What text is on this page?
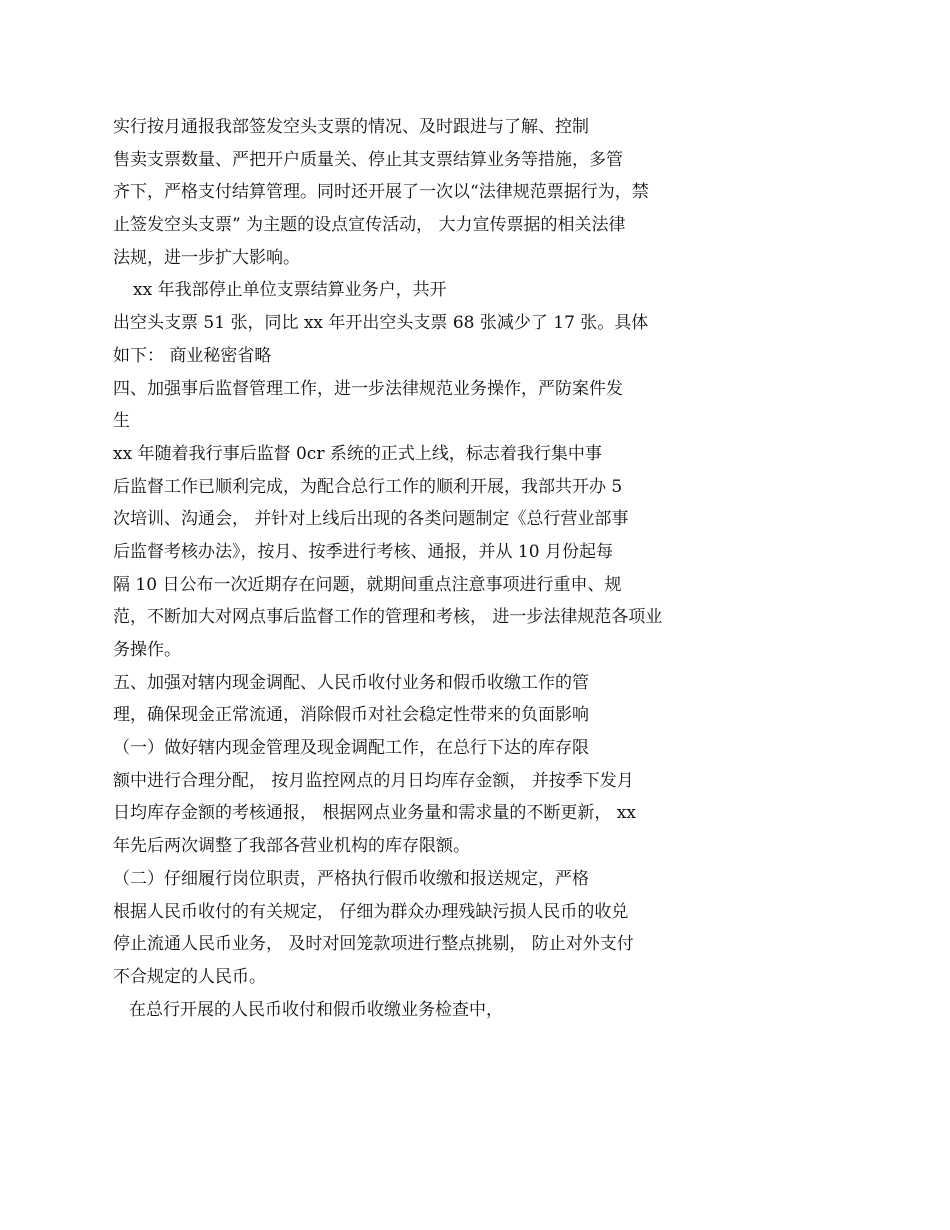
实行按月通报我部签发空头支票的情况、及时跟进与了解、控制
售卖支票数量、严把开户质量关、停止其支票结算业务等措施，多管
齐下，严格支付结算管理。同时还开展了一次以“法律规范票据行为，禁
止签发空头支票” 为主题的设点宣传活动， 大力宣传票据的相关法律
法规，进一步扩大影响。
xx 年我部停止单位支票结算业务户，共开
出空头支票 51 张，同比 xx 年开出空头支票 68 张减少了 17 张。具体
如下： 商业秘密省略
四、加强事后监督管理工作，进一步法律规范业务操作，严防案件发
生
xx 年随着我行事后监督 0cr 系统的正式上线，标志着我行集中事
后监督工作已顺利完成，为配合总行工作的顺利开展，我部共开办 5
次培训、沟通会， 并针对上线后出现的各类问题制定《总行营业部事
后监督考核办法》，按月、按季进行考核、通报，并从 10 月份起每
隔 10 日公布一次近期存在问题，就期间重点注意事项进行重申、规
范，不断加大对网点事后监督工作的管理和考核， 进一步法律规范各项业
务操作。
五、加强对辖内现金调配、人民币收付业务和假币收缴工作的管
理，确保现金正常流通，消除假币对社会稳定性带来的负面影响
（一）做好辖内现金管理及现金调配工作，在总行下达的库存限
额中进行合理分配， 按月监控网点的月日均库存金额， 并按季下发月
日均库存金额的考核通报， 根据网点业务量和需求量的不断更新， xx
年先后两次调整了我部各营业机构的库存限额。
（二）仔细履行岗位职责，严格执行假币收缴和报送规定，严格
根据人民币收付的有关规定， 仔细为群众办理残缺污损人民币的收兑
停止流通人民币业务， 及时对回笼款项进行整点挑剔， 防止对外支付
不合规定的人民币。
在总行开展的人民币收付和假币收缴业务检查中，
